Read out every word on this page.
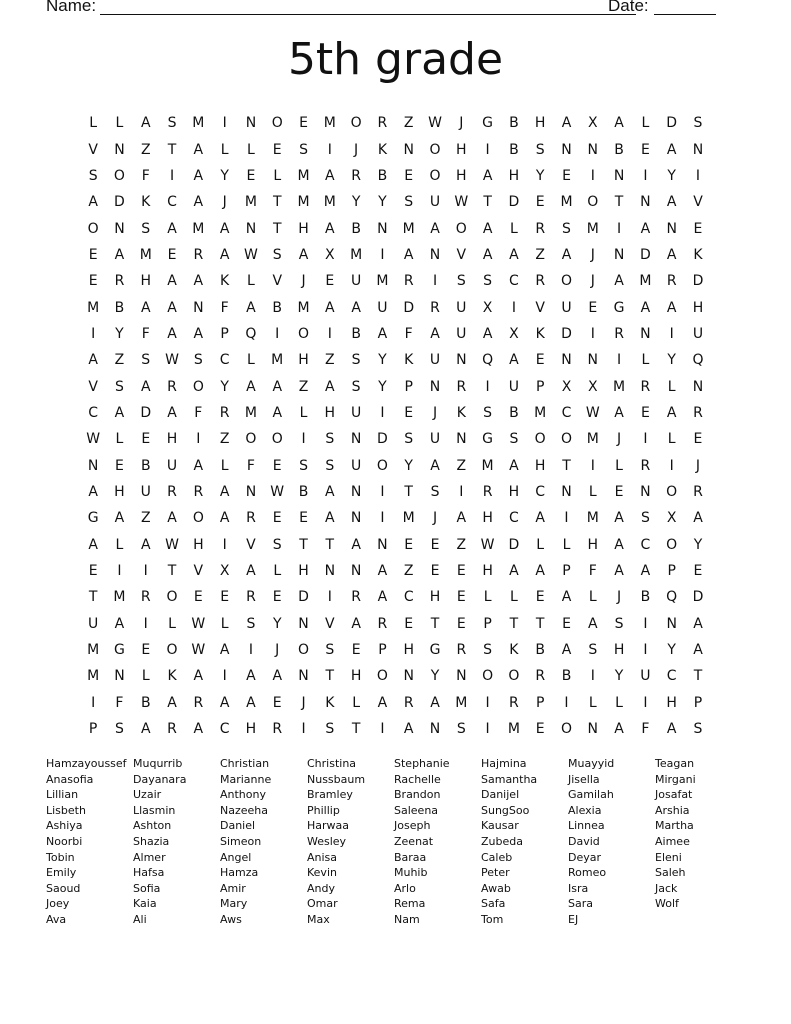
Name:	Date:
5th grade
L	L	A	S	M	I	N	O	E	M	O	R	Z	W	J	G	B	H	A	X	A	L	D	S
V	N	Z	T	A	L	L	E	S	I	J	K	N	O	H	I	B	S	N	N	B	E	A	N
S	O	F	I	A	Y	E	L	M	A	R	B	E	O	H	A	H	Y	E	I	N	I	Y	I
A	D	K	C	A	J	M	T	M	M	Y	Y	S	U	W	T	D	E	M	O	T	N	A	V
O	N	S	A	M	A	N	T	H	A	B	N	M	A	O	A	L	R	S	M	I	A	N	E
E	A	M	E	R	A	W	S	A	X	M	I	A	N	V	A	A	Z	A	J	N	D	A	K
E	R	H	A	A	K	L	V	J	E	U	M	R	I	S	S	C	R	O	J	A	M	R	D
M	B	A	A	N	F	A	B	M	A	A	U	D	R	U	X	I	V	U	E	G	A	A	H
I	Y	F	A	A	P	Q	I	O	I	B	A	F	A	U	A	X	K	D	I	R	N	I	U
A	Z	S	W	S	C	L	M	H	Z	S	Y	K	U	N	Q	A	E	N	N	I	L	Y	Q
V	S	A	R	O	Y	A	A	Z	A	S	Y	P	N	R	I	U	P	X	X	M	R	L	N
C	A	D	A	F	R	M	A	L	H	U	I	E	J	K	S	B	M	C	W	A	E	A	R
W	L	E	H	I	Z	O	O	I	S	N	D	S	U	N	G	S	O	O	M	J	I	L	E
N	E	B	U	A	L	F	E	S	S	U	O	Y	A	Z	M	A	H	T	I	L	R	I	J
A	H	U	R	R	A	N	W	B	A	N	I	T	S	I	R	H	C	N	L	E	N	O	R
G	A	Z	A	O	A	R	E	E	A	N	I	M	J	A	H	C	A	I	M	A	S	X	A
A	L	A	W	H	I	V	S	T	T	A	N	E	E	Z	W D	L	L	H	A	C	O	Y
E	I	I	T	V	X	A	L	H	N	N	A	Z	E	E	H	A	A	P	F	A	A	P	E
T	M	R	O	E	E	R	E	D	I	R	A	C	H	E	L	L	E	A	L	J	B	Q	D
U	A	I	L	W	L	S	Y	N	V	A	R	E	T	E	P	T	T	E	A	S	I	N	A
M	G	E	O W	A	I	J	O	S	E	P	H	G	R	S	K	B	A	S	H	I	Y	A
M	N	L	K	A	I	A	A	N	T	H	O	N	Y	N	O	O	R	B	I	Y	U	C	T
I	F	B	A	R	A	A	E	J	K	L	A	R	A	M	I	R	P	I	L	L	I	H	P
P	S	A	R	A	C	H	R	I	S	T	I	A	N	S	I	M	E	O	N	A	F	A	S
Hamzayoussef
Anasofia
Lillian
Lisbeth
Ashiya
Noorbi
Tobin
Emily
Saoud
Joey
Ava
Muqurrib
Dayanara
Uzair
Llasmin
Ashton
Shazia
Almer
Hafsa
Sofia
Kaia
Ali
Christian
Marianne
Anthony
Nazeeha
Daniel
Simeon
Angel
Hamza
Amir
Mary
Aws
Christina
Nussbaum
Bramley
Phillip
Harwaa
Wesley
Anisa
Kevin
Andy
Omar
Max
Stephanie
Rachelle
Brandon
Saleena
Joseph
Zeenat
Baraa
Muhib
Arlo
Rema
Nam
Hajmina
Samantha
Danijel
SungSoo
Kausar
Zubeda
Caleb
Peter
Awab
Safa
Tom
Muayyid
Jisella
Gamilah
Alexia
Linnea
David
Deyar
Romeo
Isra
Sara
EJ
Teagan
Mirgani
Josafat
Arshia
Martha
Aimee
Eleni
Saleh
Jack
Wolf
